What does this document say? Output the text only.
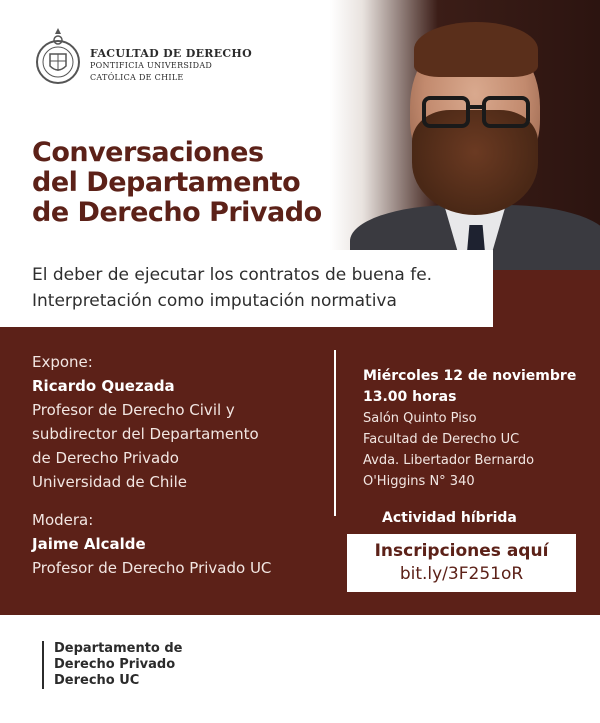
FACULTAD DE DERECHO
PONTIFICIA UNIVERSIDAD
CATÓLICA DE CHILE
Conversaciones
del Departamento
de Derecho Privado
El deber de ejecutar los contratos de buena fe.
Interpretación como imputación normativa
Expone:
Ricardo Quezada
Profesor de Derecho Civil y
subdirector del Departamento
de Derecho Privado
Universidad de Chile
Modera:
Jaime Alcalde
Profesor de Derecho Privado UC
Miércoles 12 de noviembre
13.00 horas
Salón Quinto Piso
Facultad de Derecho UC
Avda. Libertador Bernardo
O'Higgins N° 340
Actividad híbrida
Inscripciones aquí
bit.ly/3F251oR
Departamento de
Derecho Privado
Derecho UC
